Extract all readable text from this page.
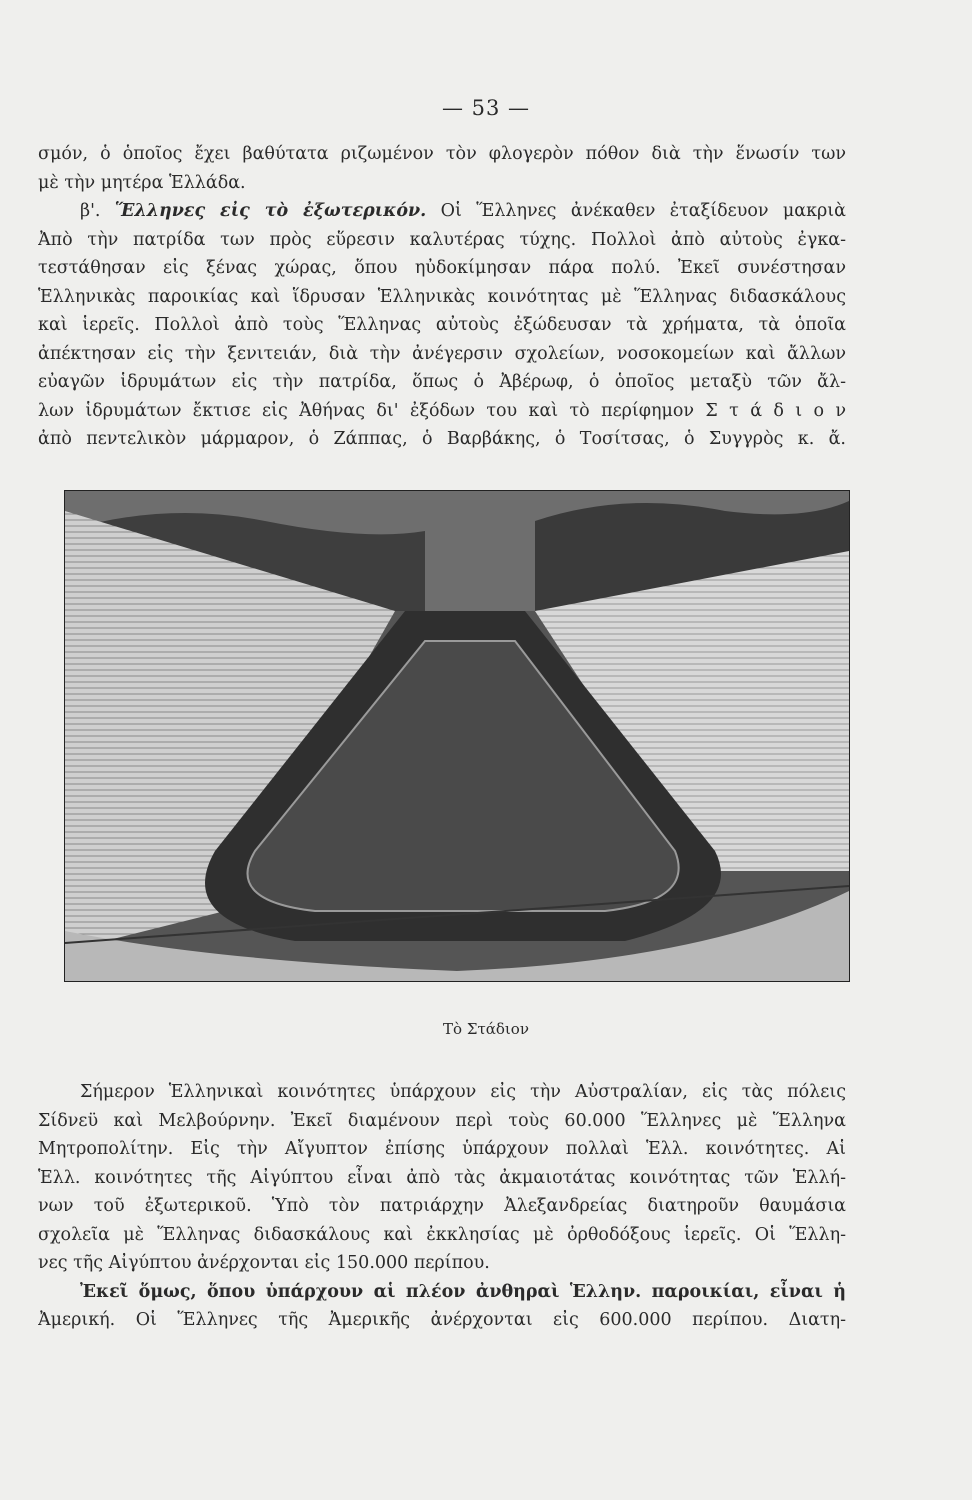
— 53 —
σμόν, ὁ ὁποῖος ἔχει βαθύτατα ριζωμένον τὸν φλογερὸν πόθον διὰ τὴν ἕνωσίν των
μὲ τὴν μητέρα Ἑλλάδα.
β'. Ἕλληνες εἰς τὸ ἐξωτερικόν. Οἱ Ἕλληνες ἀνέκαθεν ἐταξίδευον μακριὰ
Ἀπὸ τὴν πατρίδα των πρὸς εὕρεσιν καλυτέρας τύχης. Πολλοὶ ἀπὸ αὐτοὺς ἐγκα-
τεστάθησαν εἰς ξένας χώρας, ὅπου ηὐδοκίμησαν πάρα πολύ. Ἐκεῖ συνέστησαν
Ἑλληνικὰς παροικίας καὶ ἵδρυσαν Ἑλληνικὰς κοινότητας μὲ Ἕλληνας διδασκάλους
καὶ ἱερεῖς. Πολλοὶ ἀπὸ τοὺς Ἕλληνας αὐτοὺς ἐξώδευσαν τὰ χρήματα, τὰ ὁποῖα
ἀπέκτησαν εἰς τὴν ξενιτειάν, διὰ τὴν ἀνέγερσιν σχολείων, νοσοκομείων καὶ ἄλλων
εὐαγῶν ἱδρυμάτων εἰς τὴν πατρίδα, ὅπως ὁ Ἀβέρωφ, ὁ ὁποῖος μεταξὺ τῶν ἄλ-
λων ἱδρυμάτων ἔκτισε εἰς Ἀθήνας δι' ἐξόδων του καὶ τὸ περίφημον Σ τ ά δ ι ο ν
ἀπὸ πεντελικὸν μάρμαρον, ὁ Ζάππας, ὁ Βαρβάκης, ὁ Τοσίτσας, ὁ Συγγρὸς κ. ἄ.
Τὸ Στάδιον
Σήμερον Ἑλληνικαὶ κοινότητες ὑπάρχουν εἰς τὴν Αὐστραλίαν, εἰς τὰς πόλεις
Σίδνεϋ καὶ Μελβούρνην. Ἐκεῖ διαμένουν περὶ τοὺς 60.000 Ἕλληνες μὲ Ἕλληνα
Μητροπολίτην. Εἰς τὴν Αἴγυπτον ἐπίσης ὑπάρχουν πολλαὶ Ἑλλ. κοινότητες. Αἱ
Ἑλλ. κοινότητες τῆς Αἰγύπτου εἶναι ἀπὸ τὰς ἀκμαιοτάτας κοινότητας τῶν Ἑλλή-
νων τοῦ ἐξωτερικοῦ. Ὑπὸ τὸν πατριάρχην Ἀλεξανδρείας διατηροῦν θαυμάσια
σχολεῖα μὲ Ἕλληνας διδασκάλους καὶ ἐκκλησίας μὲ ὀρθοδόξους ἱερεῖς. Οἱ Ἕλλη-
νες τῆς Αἰγύπτου ἀνέρχονται εἰς 150.000 περίπου.
Ἐκεῖ ὅμως, ὅπου ὑπάρχουν αἱ πλέον ἀνθηραὶ Ἑλλην. παροικίαι, εἶναι ἡ
Ἀμερική. Οἱ Ἕλληνες τῆς Ἀμερικῆς ἀνέρχονται εἰς 600.000 περίπου. Διατη-
